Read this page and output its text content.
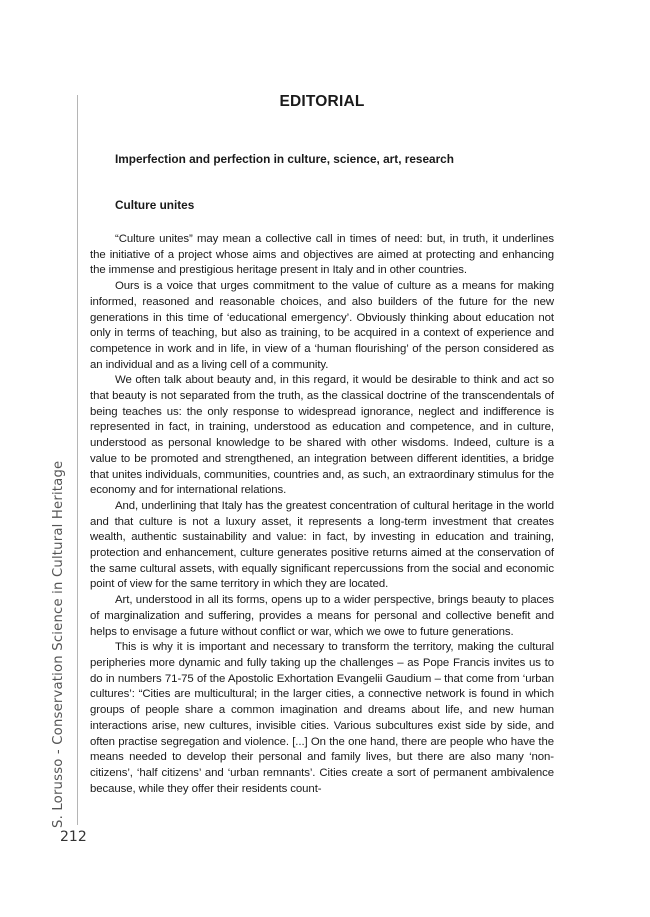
S. Lorusso - Conservation Science in Cultural Heritage
212
EDITORIAL
Imperfection and perfection in culture, science, art, research
Culture unites

“Culture unites” may mean a collective call in times of need: but, in truth, it underlines the initiative of a project whose aims and objectives are aimed at protecting and enhancing the immense and prestigious heritage present in Italy and in other countries.

Ours is a voice that urges commitment to the value of culture as a means for making informed, reasoned and reasonable choices, and also builders of the future for the new generations in this time of ‘educational emergency’. Obviously thinking about education not only in terms of teaching, but also as training, to be acquired in a context of experience and competence in work and in life, in view of a ‘human flourishing’ of the person considered as an individual and as a living cell of a community.

We often talk about beauty and, in this regard, it would be desirable to think and act so that beauty is not separated from the truth, as the classical doctrine of the transcendentals of being teaches us: the only response to widespread ignorance, neglect and indifference is represented in fact, in training, understood as education and competence, and in culture, understood as personal knowledge to be shared with other wisdoms. Indeed, culture is a value to be promoted and strengthened, an integration between different identities, a bridge that unites individuals, communities, countries and, as such, an extraordinary stimulus for the economy and for international relations.

And, underlining that Italy has the greatest concentration of cultural heritage in the world and that culture is not a luxury asset, it represents a long-term investment that creates wealth, authentic sustainability and value: in fact, by investing in education and training, protection and enhancement, culture generates positive returns aimed at the conservation of the same cultural assets, with equally significant repercussions from the social and economic point of view for the same territory in which they are located.

Art, understood in all its forms, opens up to a wider perspective, brings beauty to places of marginalization and suffering, provides a means for personal and collective benefit and helps to envisage a future without conflict or war, which we owe to future generations.

This is why it is important and necessary to transform the territory, making the cultural peripheries more dynamic and fully taking up the challenges – as Pope Francis invites us to do in numbers 71-75 of the Apostolic Exhortation Evangelii Gaudium – that come from ‘urban cultures’: “Cities are multicultural; in the larger cities, a connective network is found in which groups of people share a common imagination and dreams about life, and new human interactions arise, new cultures, invisible cities. Various subcultures exist side by side, and often practise segregation and violence. [...] On the one hand, there are people who have the means needed to develop their personal and family lives, but there are also many ‘non-citizens’, ‘half citizens’ and ‘urban remnants’. Cities create a sort of permanent ambivalence because, while they offer their residents count-
